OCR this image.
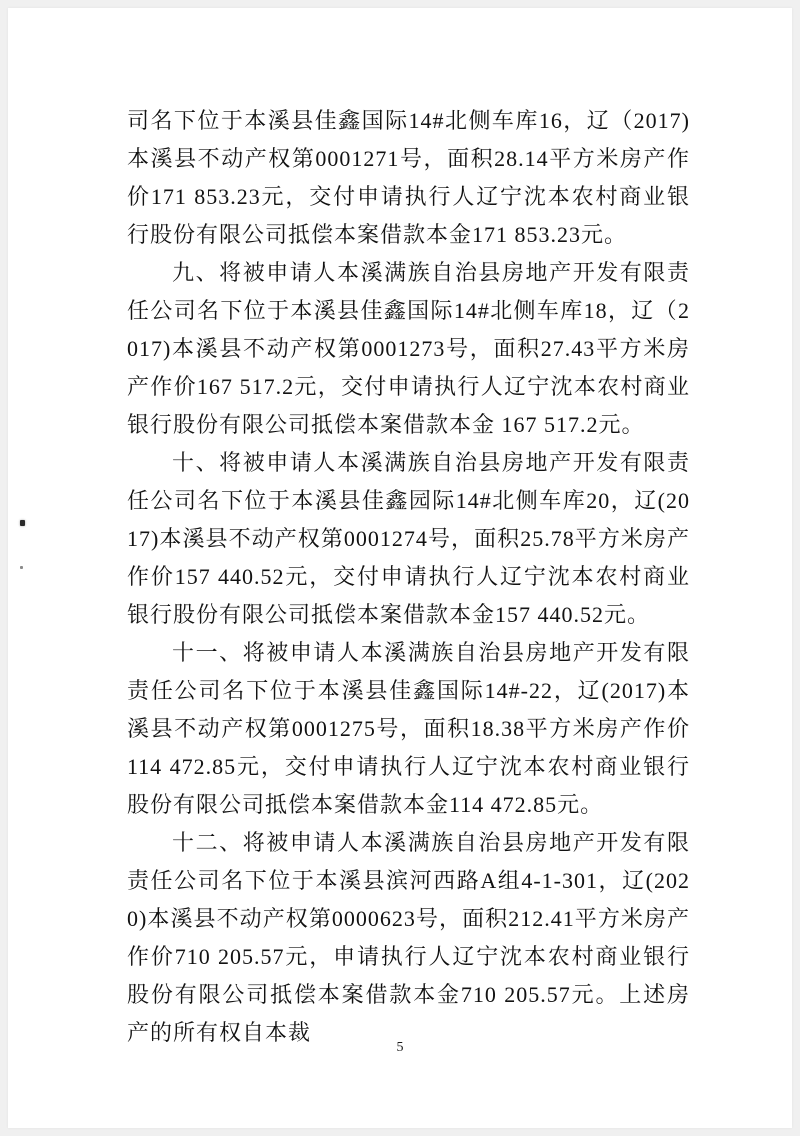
司名下位于本溪县佳鑫国际14#北侧车库16，辽（2017)本溪县不动产权第0001271号，面积28.14平方米房产作价171 853.23元，交付申请执行人辽宁沈本农村商业银行股份有限公司抵偿本案借款本金171 853.23元。

九、将被申请人本溪满族自治县房地产开发有限责任公司名下位于本溪县佳鑫国际14#北侧车库18，辽（2017)本溪县不动产权第0001273号，面积27.43平方米房产作价167 517.2元，交付申请执行人辽宁沈本农村商业银行股份有限公司抵偿本案借款本金 167 517.2元。

十、将被申请人本溪满族自治县房地产开发有限责任公司名下位于本溪县佳鑫园际14#北侧车库20，辽(2017)本溪县不动产权第0001274号，面积25.78平方米房产作价157 440.52元，交付申请执行人辽宁沈本农村商业银行股份有限公司抵偿本案借款本金157 440.52元。

十一、将被申请人本溪满族自治县房地产开发有限责任公司名下位于本溪县佳鑫国际14#-22，辽(2017)本溪县不动产权第0001275号，面积18.38平方米房产作价114 472.85元，交付申请执行人辽宁沈本农村商业银行股份有限公司抵偿本案借款本金114 472.85元。

十二、将被申请人本溪满族自治县房地产开发有限责任公司名下位于本溪县滨河西路A组4-1-301，辽(2020)本溪县不动产权第0000623号，面积212.41平方米房产作价710 205.57元，申请执行人辽宁沈本农村商业银行股份有限公司抵偿本案借款本金710 205.57元。上述房产的所有权自本裁

5
